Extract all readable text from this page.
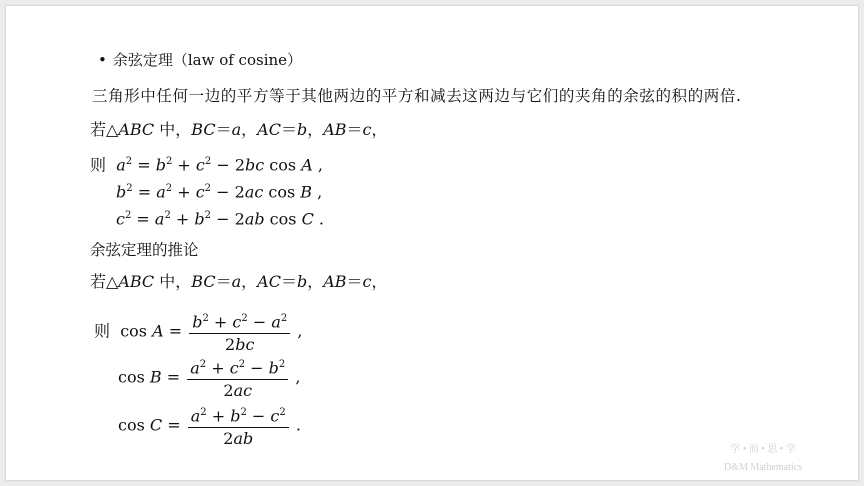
• 余弦定理（law of cosine）
三角形中任何一边的平方等于其他两边的平方和减去这两边与它们的夹角的余弦的积的两倍.
若△ABC 中，BC＝a，AC＝b，AB＝c，
则 $a^2 = b^2 + c^2 - 2bc$ cos A ,
$b^2 = a^2 + c^2 - 2ac$ cos B ,
$c^2 = a^2 + b^2 - 2ab$ cos C .
余弦定理的推论
若△ABC 中，BC＝a，AC＝b，AB＝c，
则  $\cos A = \frac{b^2 + c^2 - a^2}{2bc}$ ,
$\cos B = \frac{a^2 + c^2 - b^2}{2ac}$ ,
$\cos C = \frac{a^2 + b^2 - c^2}{2ab}$ .
学 • 而 • 思 • 学
D&M Mathematics
